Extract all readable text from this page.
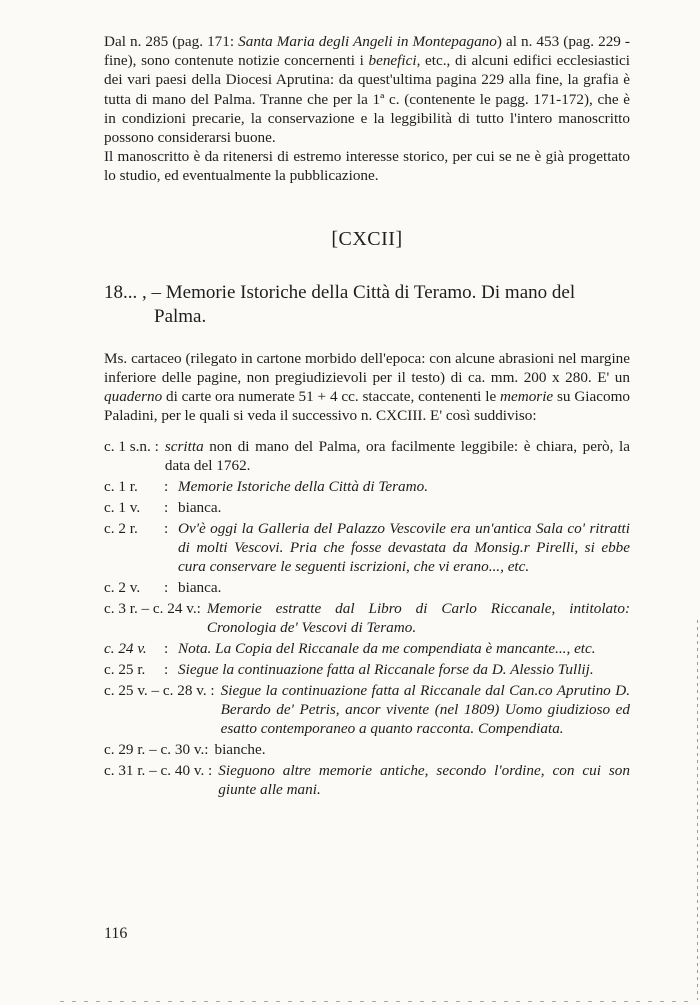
Dal n. 285 (pag. 171: Santa Maria degli Angeli in Montepagano) al n. 453 (pag. 229 - fine), sono contenute notizie concernenti i benefici, etc., di alcuni edifici ecclesiastici dei vari paesi della Diocesi Aprutina: da quest'ultima pagina 229 alla fine, la grafia è tutta di mano del Palma. Tranne che per la 1ª c. (contenente le pagg. 171-172), che è in condizioni precarie, la conservazione e la leggibilità di tutto l'intero manoscritto possono considerarsi buone.

Il manoscritto è da ritenersi di estremo interesse storico, per cui se ne è già progettato lo studio, ed eventualmente la pubblicazione.

[CXCII]
18... , – Memorie Istoriche della Città di Teramo. Di mano del Palma.

Ms. cartaceo (rilegato in cartone morbido dell'epoca: con alcune abrasioni nel margine inferiore delle pagine, non pregiudizievoli per il testo) di ca. mm. 200 x 280. E' un quaderno di carte ora numerate 51 + 4 cc. staccate, contenenti le memorie su Giacomo Paladini, per le quali si veda il successivo n. CXCIII. E' così suddiviso:

c. 1 s.n. : scritta non di mano del Palma, ora facilmente leggibile: è chiara, però, la data del 1762.
c. 1 r.	: Memorie Istoriche della Città di Teramo.
c. 1 v.	: bianca.
c. 2 r.	: Ov'è oggi la Galleria del Palazzo Vescovile era un'antica Sala co' ritratti di molti Vescovi. Pria che fosse devastata da Monsig.r Pirelli, si ebbe cura conservare le seguenti iscrizioni, che vi erano..., etc.
c. 2 v.	: bianca.
c. 3 r. – c. 24 v.: Memorie estratte dal Libro di Carlo Riccanale, intitolato: Cronologia de' Vescovi di Teramo.
c. 24 v.	: Nota. La Copia del Riccanale da me compendiata è mancante..., etc.
c. 25 r.	: Siegue la continuazione fatta al Riccanale forse da D. Alessio Tullij.
c. 25 v. – c. 28 v. : Siegue la continuazione fatta al Riccanale dal Can.co Aprutino D. Berardo de' Petris, ancor vivente (nel 1809) Uomo giudizioso ed esatto contemporaneo a quanto racconta. Compendiata.
c. 29 r. – c. 30 v.: bianche.
c. 31 r. – c. 40 v. : Sieguono altre memorie antiche, secondo l'ordine, con cui son giunte alle mani.
116
